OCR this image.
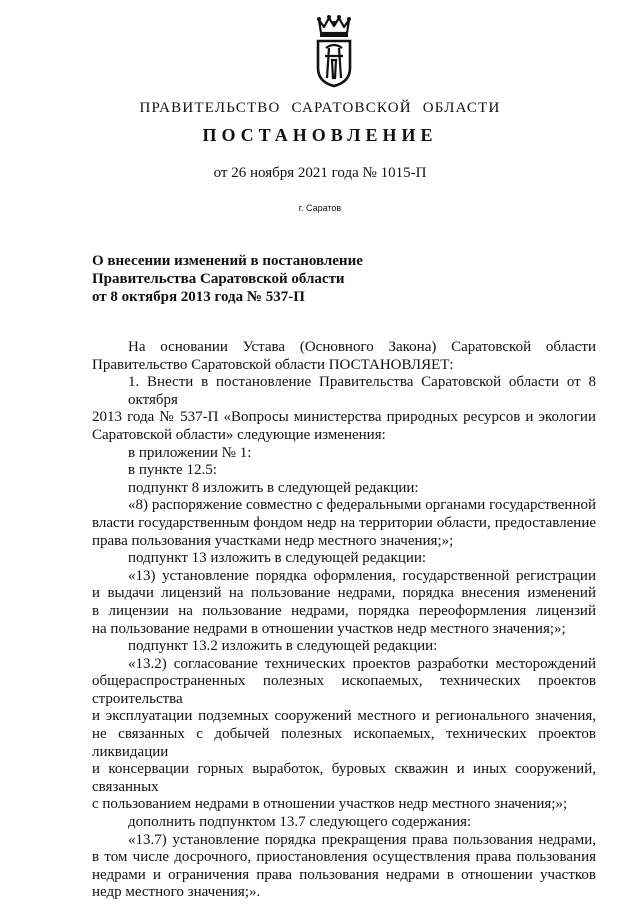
ПРАВИТЕЛЬСТВО САРАТОВСКОЙ ОБЛАСТИ
ПОСТАНОВЛЕНИЕ
от 26 ноября 2021 года № 1015-П
г. Саратов
О внесении изменений в постановление
Правительства Саратовской области
от 8 октября 2013 года № 537-П
На основании Устава (Основного Закона) Саратовской области
Правительство Саратовской области ПОСТАНОВЛЯЕТ:
1. Внести в постановление Правительства Саратовской области от 8 октября
2013 года № 537-П «Вопросы министерства природных ресурсов и экологии
Саратовской области» следующие изменения:
в приложении № 1:
в пункте 12.5:
подпункт 8 изложить в следующей редакции:
«8) распоряжение совместно с федеральными органами государственной
власти государственным фондом недр на территории области, предоставление
права пользования участками недр местного значения;»;
подпункт 13 изложить в следующей редакции:
«13) установление порядка оформления, государственной регистрации
и выдачи лицензий на пользование недрами, порядка внесения изменений
в лицензии на пользование недрами, порядка переоформления лицензий
на пользование недрами в отношении участков недр местного значения;»;
подпункт 13.2 изложить в следующей редакции:
«13.2) согласование технических проектов разработки месторождений
общераспространенных полезных ископаемых, технических проектов строительства
и эксплуатации подземных сооружений местного и регионального значения,
не связанных с добычей полезных ископаемых, технических проектов ликвидации
и консервации горных выработок, буровых скважин и иных сооружений, связанных
с пользованием недрами в отношении участков недр местного значения;»;
дополнить подпунктом 13.7 следующего содержания:
«13.7) установление порядка прекращения права пользования недрами,
в том числе досрочного, приостановления осуществления права пользования
недрами и ограничения права пользования недрами в отношении участков
недр местного значения;».
